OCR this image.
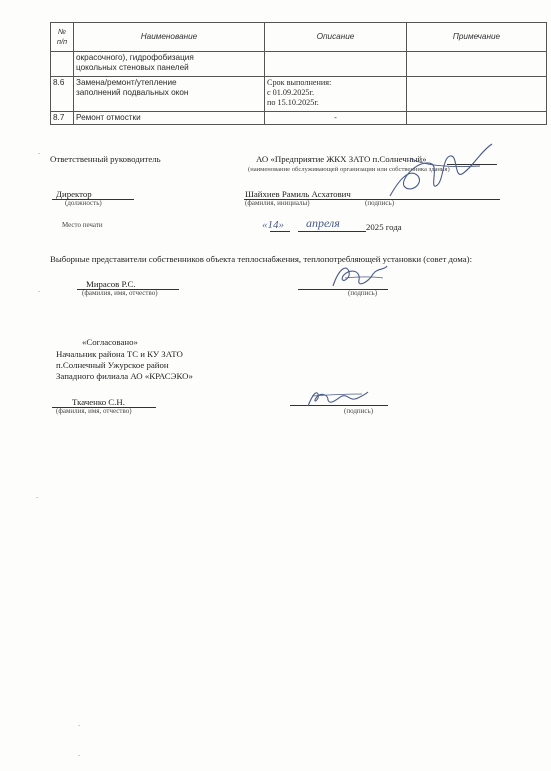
№
п/п	Наименование	Описание	Примечание
	окрасочного), гидрофобизация
цокольных стеновых панелей		
8.6	Замена/ремонт/утепление
заполнений подвальных окон	Срок выполнения:
с 01.09.2025г.
по 15.10.2025г.	
8.7	Ремонт отмостки	-	
Ответственный руководитель	АО «Предприятие ЖКХ ЗАТО п.Солнечный»
(наименование обслуживающей организации или собственника здания)
Директор
(должность)
Шайхиев Рамиль Асхатович
(фамилия, инициалы)	(подпись)
Место печати	«14» апреля	2025 года
Выборные представители собственников объекта теплоснабжения, теплопотребляющей установки (совет дома):
Мирасов Р.С.
(фамилия, имя, отчество)	(подпись)
«Согласовано»
Начальник района ТС и КУ ЗАТО
п.Солнечный Ужурское район
Западного филиала АО «КРАСЭКО»
Ткаченко С.Н.
(фамилия, имя, отчество)	(подпись)
·
·
·
·
·
